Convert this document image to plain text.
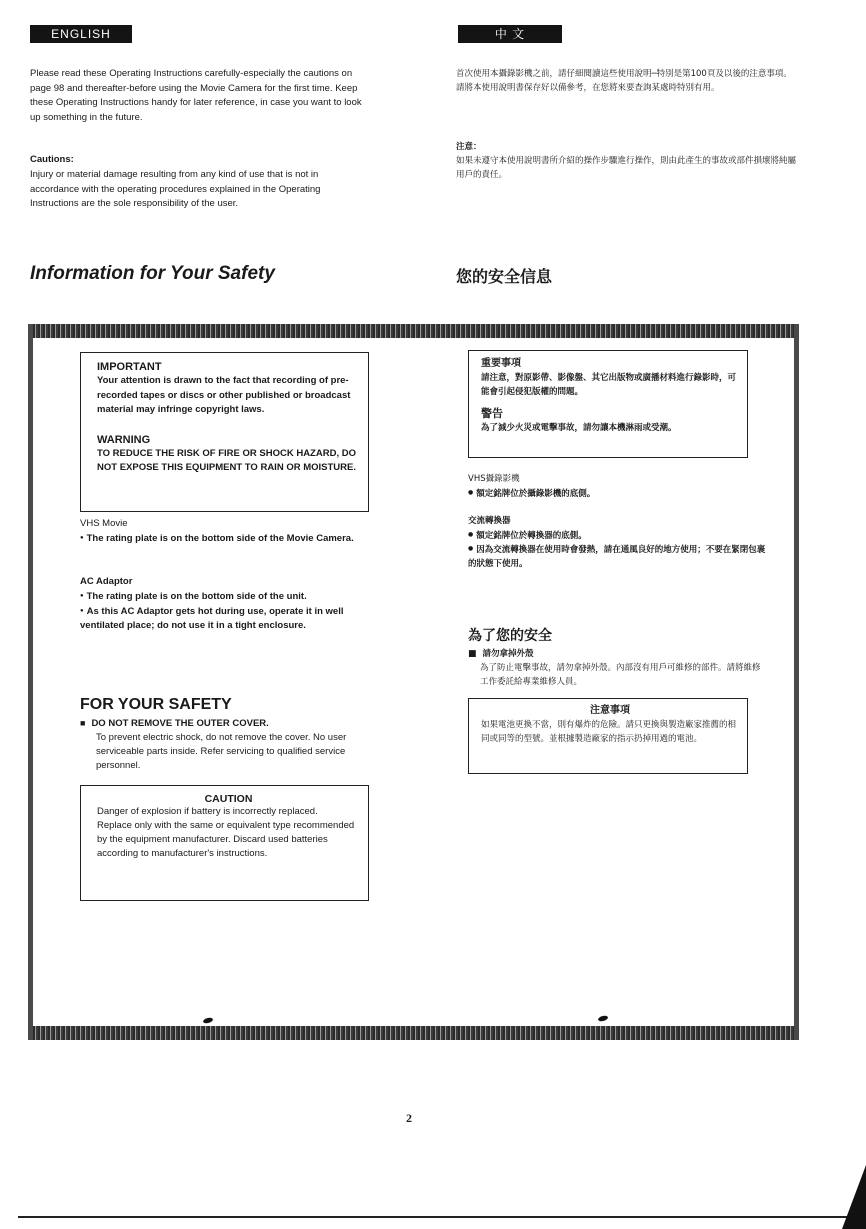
ENGLISH	中 文
Please read these Operating Instructions carefully-especially the cautions on page 98 and thereafter-before using the Movie Camera for the first time. Keep these Operating Instructions handy for later reference, in case you want to look up something in the future.
Cautions:
Injury or material damage resulting from any kind of use that is not in accordance with the operating procedures explained in the Operating Instructions are the sole responsibility of the user.
首次使用本攝錄影機之前，請仔細閱讀這些使用說明─特別是第100頁及以後的注意事項。請將本使用說明書保存好以備參考，在您將來要查詢某處時特別有用。
注意：
如果未遵守本使用說明書所介紹的操作步驟進行操作，則由此產生的事故或部件損壞將純屬用戶的責任。
Information for Your Safety	您的安全信息
IMPORTANT
Your attention is drawn to the fact that recording of pre-recorded tapes or discs or other published or broadcast material may infringe copyright laws.
WARNING
TO REDUCE THE RISK OF FIRE OR SHOCK HAZARD, DO NOT EXPOSE THIS EQUIPMENT TO RAIN OR MOISTURE.
VHS Movie
● The rating plate is on the bottom side of the Movie Camera.
AC Adaptor
● The rating plate is on the bottom side of the unit.
● As this AC Adaptor gets hot during use, operate it in well ventilated place; do not use it in a tight enclosure.
FOR YOUR SAFETY
■ DO NOT REMOVE THE OUTER COVER.
To prevent electric shock, do not remove the cover. No user serviceable parts inside. Refer servicing to qualified service personnel.
CAUTION
Danger of explosion if battery is incorrectly replaced.
Replace only with the same or equivalent type recommended by the equipment manufacturer. Discard used batteries according to manufacturer's instructions.
重要事項
請注意，對原影帶、影像盤、其它出版物或廣播材料進行錄影時，可能會引起侵犯版權的問題。
警告
為了減少火災或電擊事故，請勿讓本機淋雨或受潮。
VHS攝錄影機
● 額定銘牌位於攝錄影機的底側。
交流轉換器
● 額定銘牌位於轉換器的底側。
● 因為交流轉換器在使用時會發熱，請在通風良好的地方使用；不要在緊閉包裹的狀態下使用。
為了您的安全
■ 請勿拿掉外殼
為了防止電擊事故，請勿拿掉外殼。內部沒有用戶可維修的部件。請將維修工作委託給專業維修人員。
注意事項
如果電池更換不當，則有爆炸的危險。請只更換與製造廠家推薦的相同或同等的型號。並根據製造廠家的指示扔掉用過的電池。
2
